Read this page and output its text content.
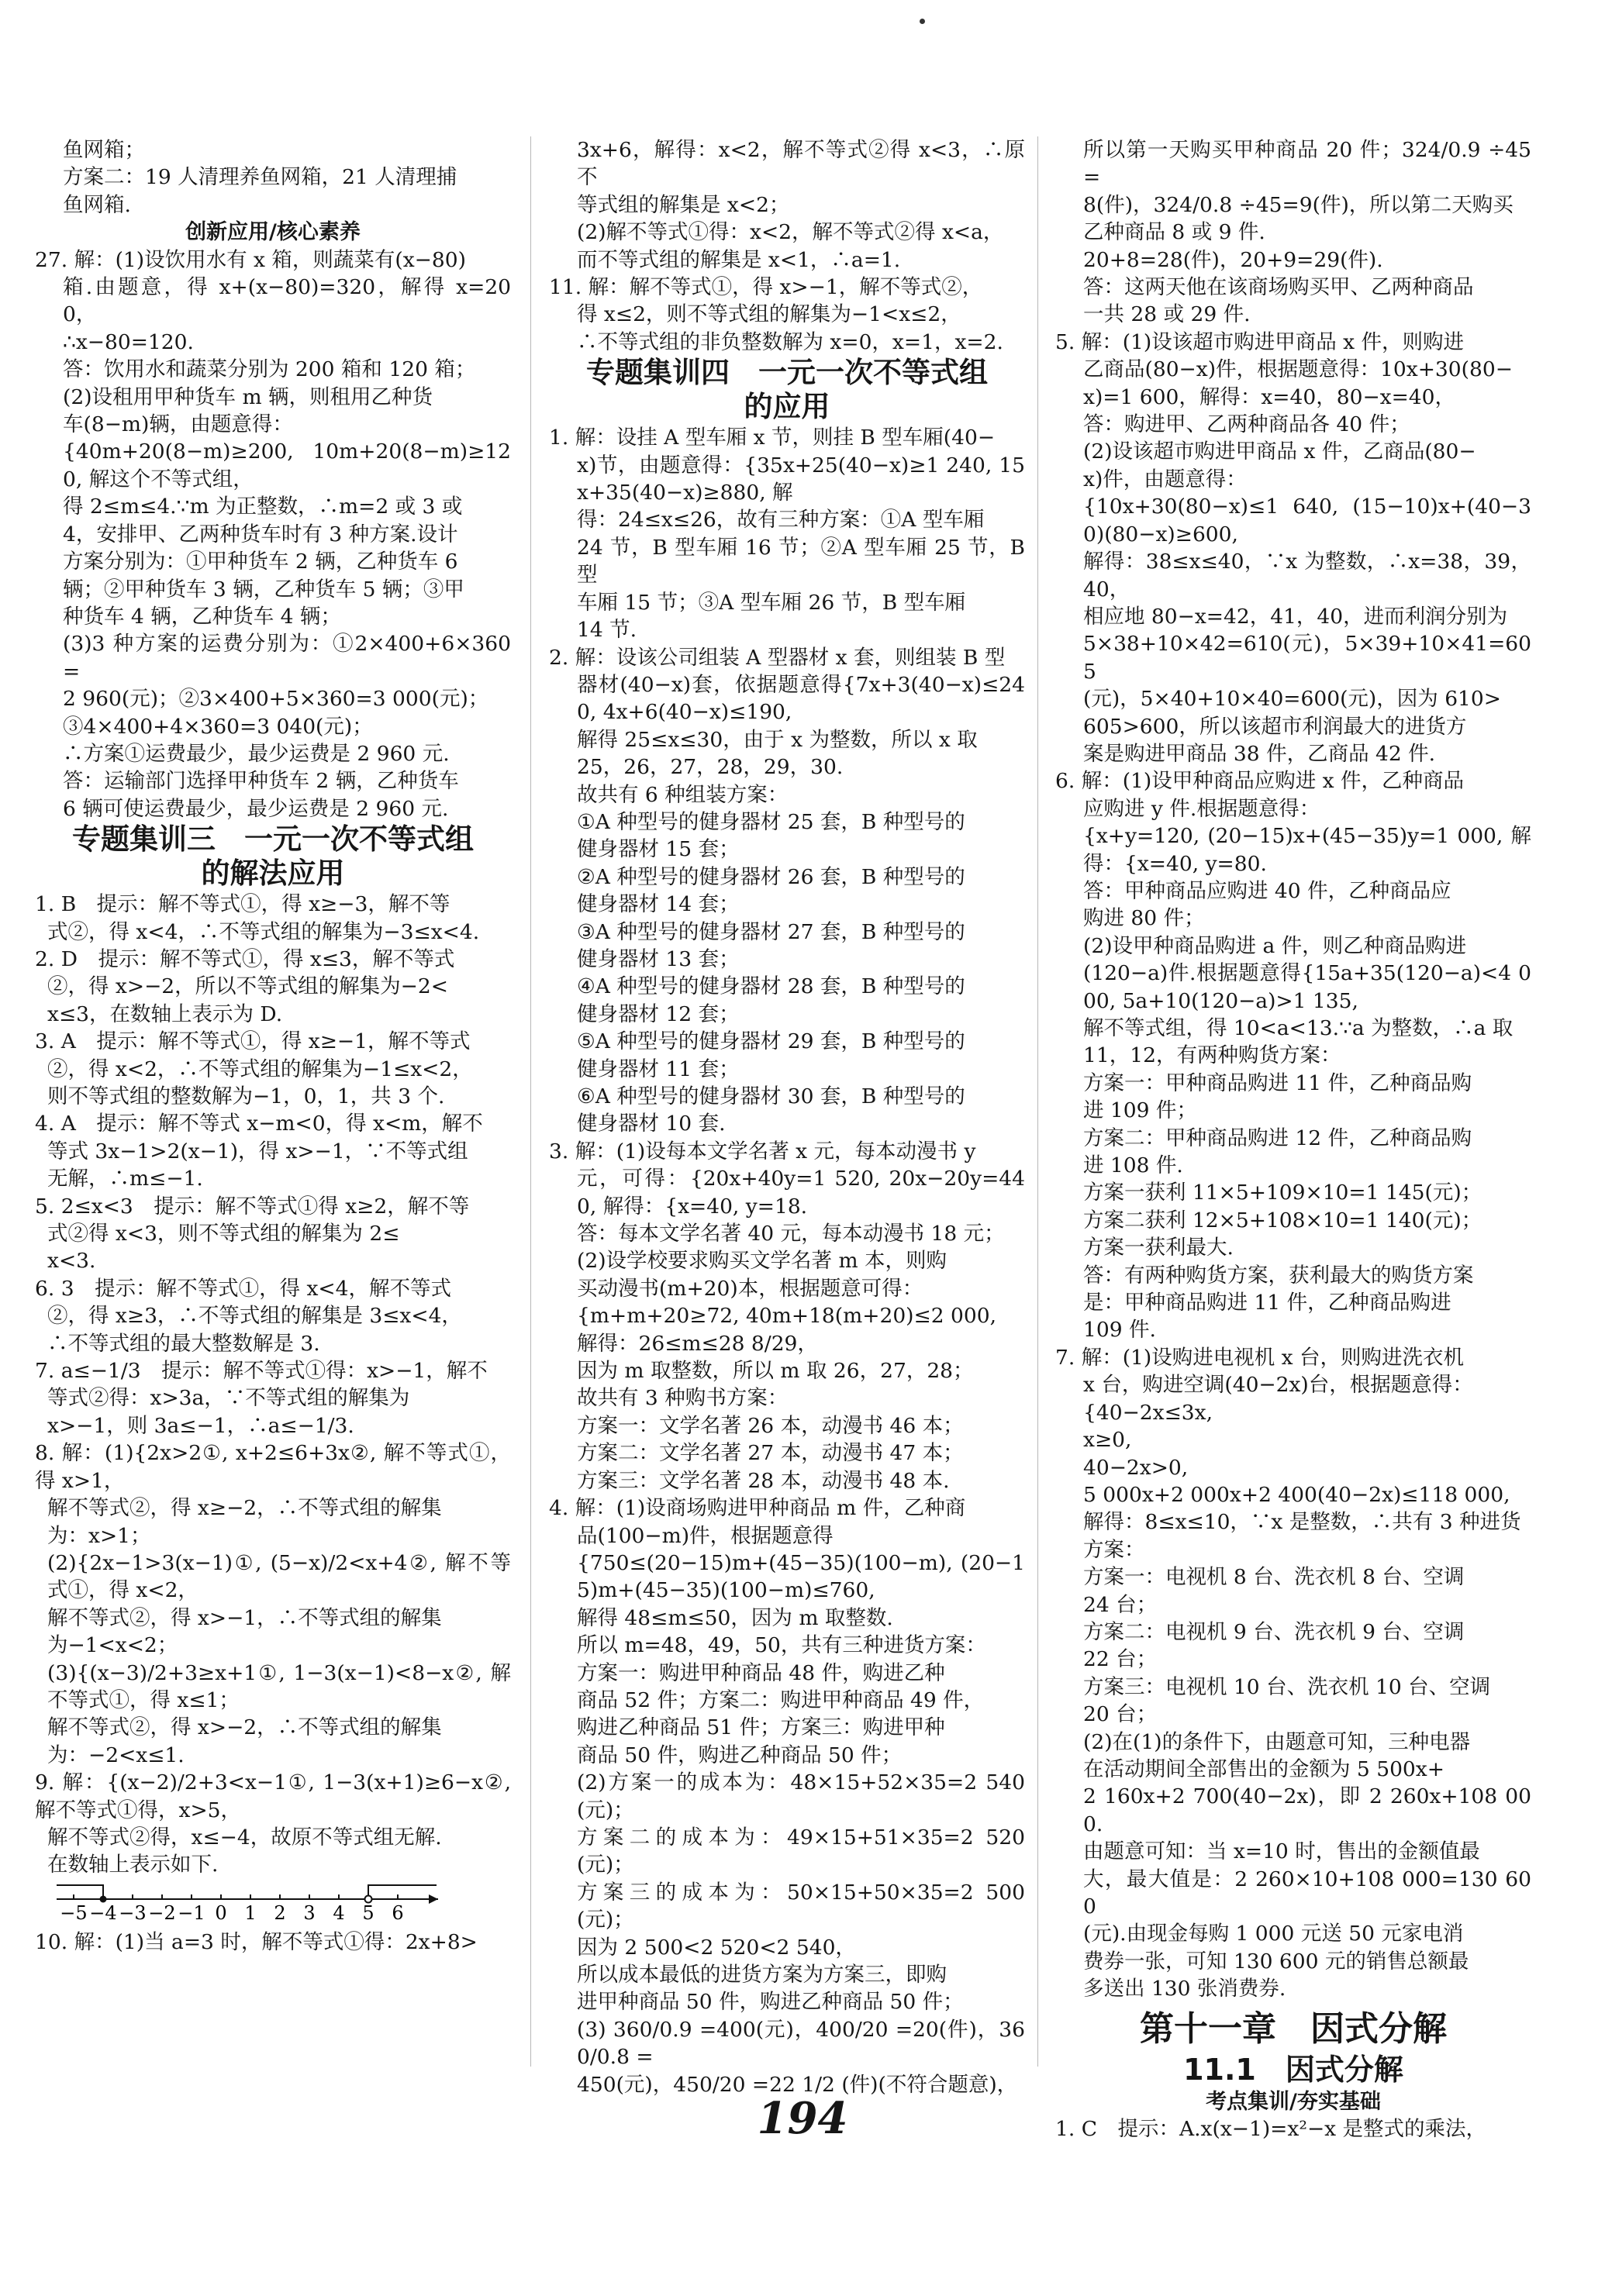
鱼网箱；
方案二：19 人清理养鱼网箱，21 人清理捕
鱼网箱.
创新应用/核心素养
27. 解：(1)设饮用水有 x 箱，则蔬菜有(x−80)
箱.由题意，得 x+(x−80)=320，解得 x=200，
∴x−80=120.
答：饮用水和蔬菜分别为 200 箱和 120 箱；
(2)设租用甲种货车 m 辆，则租用乙种货
车(8−m)辆，由题意得：
{40m+20(8−m)≥200, 10m+20(8−m)≥120, 解这个不等式组，
得 2≤m≤4.∵m 为正整数，∴m=2 或 3 或
4，安排甲、乙两种货车时有 3 种方案.设计
方案分别为：①甲种货车 2 辆，乙种货车 6
辆；②甲种货车 3 辆，乙种货车 5 辆；③甲
种货车 4 辆，乙种货车 4 辆；
(3)3 种方案的运费分别为：①2×400+6×360=
2 960(元)；②3×400+5×360=3 000(元)；
③4×400+4×360=3 040(元)；
∴方案①运费最少，最少运费是 2 960 元.
答：运输部门选择甲种货车 2 辆，乙种货车
6 辆可使运费最少，最少运费是 2 960 元.
专题集训三　一元一次不等式组
的解法应用
1. B　提示：解不等式①，得 x≥−3，解不等
式②，得 x<4，∴不等式组的解集为−3≤x<4.
2. D　提示：解不等式①，得 x≤3，解不等式
②，得 x>−2，所以不等式组的解集为−2<
x≤3，在数轴上表示为 D.
3. A　提示：解不等式①，得 x≥−1，解不等式
②，得 x<2，∴不等式组的解集为−1≤x<2，
则不等式组的整数解为−1，0，1，共 3 个.
4. A　提示：解不等式 x−m<0，得 x<m，解不
等式 3x−1>2(x−1)，得 x>−1，∵不等式组
无解，∴m≤−1.
5. 2≤x<3　提示：解不等式①得 x≥2，解不等
式②得 x<3，则不等式组的解集为 2≤
x<3.
6. 3　提示：解不等式①，得 x<4，解不等式
②，得 x≥3，∴不等式组的解集是 3≤x<4，
∴不等式组的最大整数解是 3.
7. a≤−1/3　提示：解不等式①得：x>−1，解不
等式②得：x>3a，∵不等式组的解集为
x>−1，则 3a≤−1，∴a≤−1/3.
8. 解：(1){2x>2①, x+2≤6+3x②, 解不等式①，得 x>1，
解不等式②，得 x≥−2，∴不等式组的解集
为：x>1；
(2){2x−1>3(x−1)①, (5−x)/2<x+4②, 解不等式①，得 x<2，
解不等式②，得 x>−1，∴不等式组的解集
为−1<x<2；
(3){(x−3)/2+3≥x+1①, 1−3(x−1)<8−x②, 解不等式①，得 x≤1；
解不等式②，得 x>−2，∴不等式组的解集
为：−2<x≤1.
9. 解：{(x−2)/2+3<x−1①, 1−3(x+1)≥6−x②, 解不等式①得，x>5，
解不等式②得，x≤−4，故原不等式组无解.
在数轴上表示如下.
−5 −4 −3 −2 −1 0 1 2 3 4 5 6
10. 解：(1)当 a=3 时，解不等式①得：2x+8>
3x+6，解得：x<2，解不等式②得 x<3，∴原不
等式组的解集是 x<2；
(2)解不等式①得：x<2，解不等式②得 x<a，
而不等式组的解集是 x<1，∴a=1.
11. 解：解不等式①，得 x>−1，解不等式②，
得 x≤2，则不等式组的解集为−1<x≤2，
∴不等式组的非负整数解为 x=0，x=1，x=2.
专题集训四　一元一次不等式组
的应用
1. 解：设挂 A 型车厢 x 节，则挂 B 型车厢(40−
x)节，由题意得：{35x+25(40−x)≥1 240, 15x+35(40−x)≥880, 解
得：24≤x≤26，故有三种方案：①A 型车厢
24 节，B 型车厢 16 节；②A 型车厢 25 节，B 型
车厢 15 节；③A 型车厢 26 节，B 型车厢
14 节.
2. 解：设该公司组装 A 型器材 x 套，则组装 B 型
器材(40−x)套，依据题意得{7x+3(40−x)≤240, 4x+6(40−x)≤190,
解得 25≤x≤30，由于 x 为整数，所以 x 取
25，26，27，28，29，30.
故共有 6 种组装方案：
①A 种型号的健身器材 25 套，B 种型号的
健身器材 15 套；
②A 种型号的健身器材 26 套，B 种型号的
健身器材 14 套；
③A 种型号的健身器材 27 套，B 种型号的
健身器材 13 套；
④A 种型号的健身器材 28 套，B 种型号的
健身器材 12 套；
⑤A 种型号的健身器材 29 套，B 种型号的
健身器材 11 套；
⑥A 种型号的健身器材 30 套，B 种型号的
健身器材 10 套.
3. 解：(1)设每本文学名著 x 元，每本动漫书 y
元，可得：{20x+40y=1 520, 20x−20y=440, 解得：{x=40, y=18.
答：每本文学名著 40 元，每本动漫书 18 元；
(2)设学校要求购买文学名著 m 本，则购
买动漫书(m+20)本，根据题意可得：
{m+m+20≥72, 40m+18(m+20)≤2 000,
解得：26≤m≤28 8/29，
因为 m 取整数，所以 m 取 26，27，28；
故共有 3 种购书方案：
方案一：文学名著 26 本，动漫书 46 本；
方案二：文学名著 27 本，动漫书 47 本；
方案三：文学名著 28 本，动漫书 48 本.
4. 解：(1)设商场购进甲种商品 m 件，乙种商
品(100−m)件，根据题意得
{750≤(20−15)m+(45−35)(100−m), (20−15)m+(45−35)(100−m)≤760,
解得 48≤m≤50，因为 m 取整数.
所以 m=48，49，50，共有三种进货方案：
方案一：购进甲种商品 48 件，购进乙种
商品 52 件；方案二：购进甲种商品 49 件，
购进乙种商品 51 件；方案三：购进甲种
商品 50 件，购进乙种商品 50 件；
(2)方案一的成本为：48×15+52×35=2 540(元)；
方案二的成本为：49×15+51×35=2 520(元)；
方案三的成本为：50×15+50×35=2 500(元)；
因为 2 500<2 520<2 540，
所以成本最低的进货方案为方案三，即购
进甲种商品 50 件，购进乙种商品 50 件；
(3) 360/0.9 =400(元)，400/20 =20(件)，360/0.8 =
450(元)，450/20 =22 1/2 (件)(不符合题意)，
所以第一天购买甲种商品 20 件；324/0.9 ÷45=
8(件)，324/0.8 ÷45=9(件)，所以第二天购买
乙种商品 8 或 9 件.
20+8=28(件)，20+9=29(件).
答：这两天他在该商场购买甲、乙两种商品
一共 28 或 29 件.
5. 解：(1)设该超市购进甲商品 x 件，则购进
乙商品(80−x)件，根据题意得：10x+30(80−
x)=1 600，解得：x=40，80−x=40，
答：购进甲、乙两种商品各 40 件；
(2)设该超市购进甲商品 x 件，乙商品(80−
x)件，由题意得：
{10x+30(80−x)≤1 640, (15−10)x+(40−30)(80−x)≥600,
解得：38≤x≤40，∵x 为整数，∴x=38，39，40，
相应地 80−x=42，41，40，进而利润分别为
5×38+10×42=610(元)，5×39+10×41=605
(元)，5×40+10×40=600(元)，因为 610>
605>600，所以该超市利润最大的进货方
案是购进甲商品 38 件，乙商品 42 件.
6. 解：(1)设甲种商品应购进 x 件，乙种商品
应购进 y 件.根据题意得：
{x+y=120, (20−15)x+(45−35)y=1 000, 解得：{x=40, y=80.
答：甲种商品应购进 40 件，乙种商品应
购进 80 件；
(2)设甲种商品购进 a 件，则乙种商品购进
(120−a)件.根据题意得{15a+35(120−a)<4 000, 5a+10(120−a)>1 135,
解不等式组，得 10<a<13.∵a 为整数，∴a 取
11，12，有两种购货方案：
方案一：甲种商品购进 11 件，乙种商品购
进 109 件；
方案二：甲种商品购进 12 件，乙种商品购
进 108 件.
方案一获利 11×5+109×10=1 145(元)；
方案二获利 12×5+108×10=1 140(元)；
方案一获利最大.
答：有两种购货方案，获利最大的购货方案
是：甲种商品购进 11 件，乙种商品购进
109 件.
7. 解：(1)设购进电视机 x 台，则购进洗衣机
x 台，购进空调(40−2x)台，根据题意得：
{40−2x≤3x,
x≥0,
40−2x>0,
5 000x+2 000x+2 400(40−2x)≤118 000,
解得：8≤x≤10，∵x 是整数，∴共有 3 种进货
方案：
方案一：电视机 8 台、洗衣机 8 台、空调
24 台；
方案二：电视机 9 台、洗衣机 9 台、空调
22 台；
方案三：电视机 10 台、洗衣机 10 台、空调
20 台；
(2)在(1)的条件下，由题意可知，三种电器
在活动期间全部售出的金额为 5 500x+
2 160x+2 700(40−2x)，即 2 260x+108 000.
由题意可知：当 x=10 时，售出的金额值最
大，最大值是：2 260×10+108 000=130 600
(元).由现金每购 1 000 元送 50 元家电消
费券一张，可知 130 600 元的销售总额最
多送出 130 张消费券.
第十一章　因式分解
11.1　因式分解
考点集训/夯实基础
1. C　提示：A.x(x−1)=x²−x 是整式的乘法，
194
